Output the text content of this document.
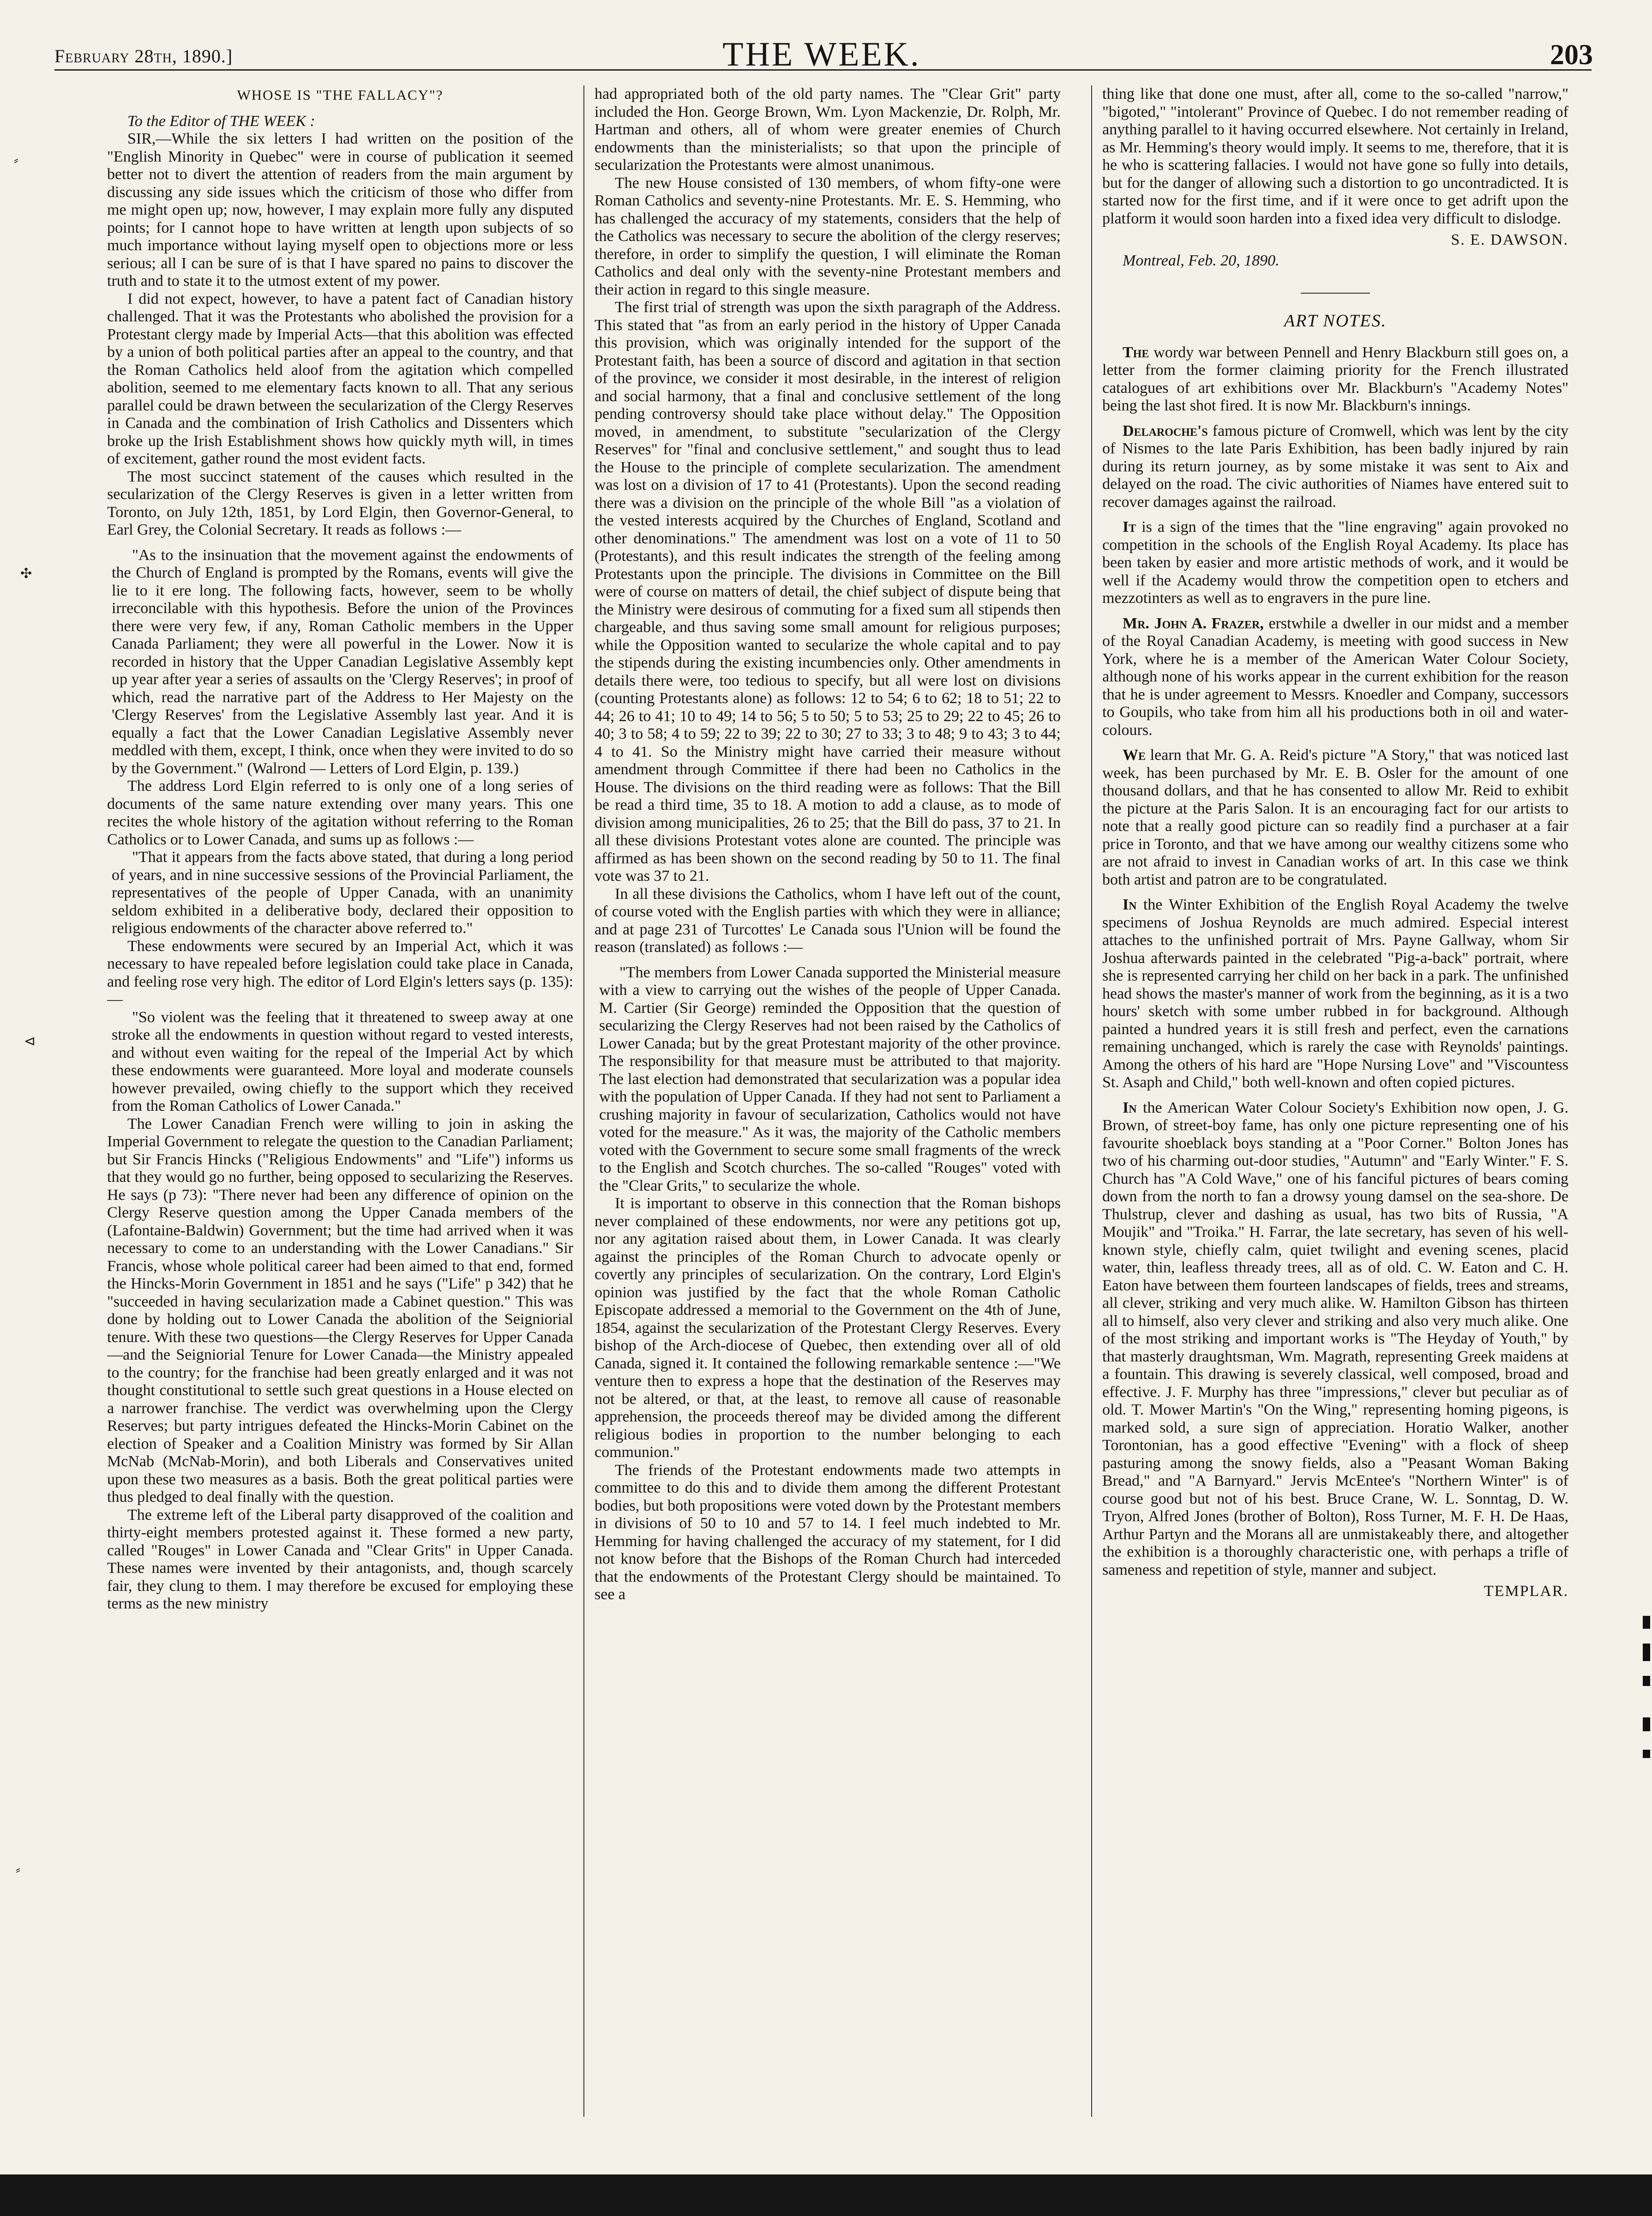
February 28th, 1890.]	THE WEEK.	203
⸗
✣
⊲
⸗
WHOSE IS "THE FALLACY"?

To the Editor of THE WEEK :

SIR,—While the six letters I had written on the position of the "English Minority in Quebec" were in course of publication it seemed better not to divert the attention of readers from the main argument by discussing any side issues which the criticism of those who differ from me might open up; now, however, I may explain more fully any disputed points; for I cannot hope to have written at length upon subjects of so much importance without laying myself open to objections more or less serious; all I can be sure of is that I have spared no pains to discover the truth and to state it to the utmost extent of my power.

I did not expect, however, to have a patent fact of Canadian history challenged. That it was the Protestants who abolished the provision for a Protestant clergy made by Imperial Acts—that this abolition was effected by a union of both political parties after an appeal to the country, and that the Roman Catholics held aloof from the agitation which compelled abolition, seemed to me elementary facts known to all. That any serious parallel could be drawn between the secularization of the Clergy Reserves in Canada and the combination of Irish Catholics and Dissenters which broke up the Irish Establishment shows how quickly myth will, in times of excitement, gather round the most evident facts.

The most succinct statement of the causes which resulted in the secularization of the Clergy Reserves is given in a letter written from Toronto, on July 12th, 1851, by Lord Elgin, then Governor-General, to Earl Grey, the Colonial Secretary. It reads as follows :—

"As to the insinuation that the movement against the endowments of the Church of England is prompted by the Romans, events will give the lie to it ere long. The following facts, however, seem to be wholly irreconcilable with this hypothesis. Before the union of the Provinces there were very few, if any, Roman Catholic members in the Upper Canada Parliament; they were all powerful in the Lower. Now it is recorded in history that the Upper Canadian Legislative Assembly kept up year after year a series of assaults on the 'Clergy Reserves'; in proof of which, read the narrative part of the Address to Her Majesty on the 'Clergy Reserves' from the Legislative Assembly last year. And it is equally a fact that the Lower Canadian Legislative Assembly never meddled with them, except, I think, once when they were invited to do so by the Government." (Walrond — Letters of Lord Elgin, p. 139.)

The address Lord Elgin referred to is only one of a long series of documents of the same nature extending over many years. This one recites the whole history of the agitation without referring to the Roman Catholics or to Lower Canada, and sums up as follows :—

"That it appears from the facts above stated, that during a long period of years, and in nine successive sessions of the Provincial Parliament, the representatives of the people of Upper Canada, with an unanimity seldom exhibited in a deliberative body, declared their opposition to religious endowments of the character above referred to."

These endowments were secured by an Imperial Act, which it was necessary to have repealed before legislation could take place in Canada, and feeling rose very high. The editor of Lord Elgin's letters says (p. 135): —

"So violent was the feeling that it threatened to sweep away at one stroke all the endowments in question without regard to vested interests, and without even waiting for the repeal of the Imperial Act by which these endowments were guaranteed. More loyal and moderate counsels however prevailed, owing chiefly to the support which they received from the Roman Catholics of Lower Canada."

The Lower Canadian French were willing to join in asking the Imperial Government to relegate the question to the Canadian Parliament; but Sir Francis Hincks ("Religious Endowments" and "Life") informs us that they would go no further, being opposed to secularizing the Reserves. He says (p 73): "There never had been any difference of opinion on the Clergy Reserve question among the Upper Canada members of the (Lafontaine-Baldwin) Government; but the time had arrived when it was necessary to come to an understanding with the Lower Canadians." Sir Francis, whose whole political career had been aimed to that end, formed the Hincks-Morin Government in 1851 and he says ("Life" p 342) that he "succeeded in having secularization made a Cabinet question." This was done by holding out to Lower Canada the abolition of the Seigniorial tenure. With these two questions—the Clergy Reserves for Upper Canada—and the Seigniorial Tenure for Lower Canada—the Ministry appealed to the country; for the franchise had been greatly enlarged and it was not thought constitutional to settle such great questions in a House elected on a narrower franchise. The verdict was overwhelming upon the Clergy Reserves; but party intrigues defeated the Hincks-Morin Cabinet on the election of Speaker and a Coalition Ministry was formed by Sir Allan McNab (McNab-Morin), and both Liberals and Conservatives united upon these two measures as a basis. Both the great political parties were thus pledged to deal finally with the question.

The extreme left of the Liberal party disapproved of the coalition and thirty-eight members protested against it. These formed a new party, called "Rouges" in Lower Canada and "Clear Grits" in Upper Canada. These names were invented by their antagonists, and, though scarcely fair, they clung to them. I may therefore be excused for employing these terms as the new ministry

had appropriated both of the old party names. The "Clear Grit" party included the Hon. George Brown, Wm. Lyon Mackenzie, Dr. Rolph, Mr. Hartman and others, all of whom were greater enemies of Church endowments than the ministerialists; so that upon the principle of secularization the Protestants were almost unanimous.

The new House consisted of 130 members, of whom fifty-one were Roman Catholics and seventy-nine Protestants. Mr. E. S. Hemming, who has challenged the accuracy of my statements, considers that the help of the Catholics was necessary to secure the abolition of the clergy reserves; therefore, in order to simplify the question, I will eliminate the Roman Catholics and deal only with the seventy-nine Protestant members and their action in regard to this single measure.

The first trial of strength was upon the sixth paragraph of the Address. This stated that "as from an early period in the history of Upper Canada this provision, which was originally intended for the support of the Protestant faith, has been a source of discord and agitation in that section of the province, we consider it most desirable, in the interest of religion and social harmony, that a final and conclusive settlement of the long pending controversy should take place without delay." The Opposition moved, in amendment, to substitute "secularization of the Clergy Reserves" for "final and conclusive settlement," and sought thus to lead the House to the principle of complete secularization. The amendment was lost on a division of 17 to 41 (Protestants). Upon the second reading there was a division on the principle of the whole Bill "as a violation of the vested interests acquired by the Churches of England, Scotland and other denominations." The amendment was lost on a vote of 11 to 50 (Protestants), and this result indicates the strength of the feeling among Protestants upon the principle. The divisions in Committee on the Bill were of course on matters of detail, the chief subject of dispute being that the Ministry were desirous of commuting for a fixed sum all stipends then chargeable, and thus saving some small amount for religious purposes; while the Opposition wanted to secularize the whole capital and to pay the stipends during the existing incumbencies only. Other amendments in details there were, too tedious to specify, but all were lost on divisions (counting Protestants alone) as follows: 12 to 54; 6 to 62; 18 to 51; 22 to 44; 26 to 41; 10 to 49; 14 to 56; 5 to 50; 5 to 53; 25 to 29; 22 to 45; 26 to 40; 3 to 58; 4 to 59; 22 to 39; 22 to 30; 27 to 33; 3 to 48; 9 to 43; 3 to 44; 4 to 41. So the Ministry might have carried their measure without amendment through Committee if there had been no Catholics in the House. The divisions on the third reading were as follows: That the Bill be read a third time, 35 to 18. A motion to add a clause, as to mode of division among municipalities, 26 to 25; that the Bill do pass, 37 to 21. In all these divisions Protestant votes alone are counted. The principle was affirmed as has been shown on the second reading by 50 to 11. The final vote was 37 to 21.

In all these divisions the Catholics, whom I have left out of the count, of course voted with the English parties with which they were in alliance; and at page 231 of Turcottes' Le Canada sous l'Union will be found the reason (translated) as follows :—

"The members from Lower Canada supported the Ministerial measure with a view to carrying out the wishes of the people of Upper Canada. M. Cartier (Sir George) reminded the Opposition that the question of secularizing the Clergy Reserves had not been raised by the Catholics of Lower Canada; but by the great Protestant majority of the other province. The responsibility for that measure must be attributed to that majority. The last election had demonstrated that secularization was a popular idea with the population of Upper Canada. If they had not sent to Parliament a crushing majority in favour of secularization, Catholics would not have voted for the measure." As it was, the majority of the Catholic members voted with the Government to secure some small fragments of the wreck to the English and Scotch churches. The so-called "Rouges" voted with the "Clear Grits," to secularize the whole.

It is important to observe in this connection that the Roman bishops never complained of these endowments, nor were any petitions got up, nor any agitation raised about them, in Lower Canada. It was clearly against the principles of the Roman Church to advocate openly or covertly any principles of secularization. On the contrary, Lord Elgin's opinion was justified by the fact that the whole Roman Catholic Episcopate addressed a memorial to the Government on the 4th of June, 1854, against the secularization of the Protestant Clergy Reserves. Every bishop of the Arch-diocese of Quebec, then extending over all of old Canada, signed it. It contained the following remarkable sentence :—"We venture then to express a hope that the destination of the Reserves may not be altered, or that, at the least, to remove all cause of reasonable apprehension, the proceeds thereof may be divided among the different religious bodies in proportion to the number belonging to each communion."

The friends of the Protestant endowments made two attempts in committee to do this and to divide them among the different Protestant bodies, but both propositions were voted down by the Protestant members in divisions of 50 to 10 and 57 to 14. I feel much indebted to Mr. Hemming for having challenged the accuracy of my statement, for I did not know before that the Bishops of the Roman Church had interceded that the endowments of the Protestant Clergy should be maintained. To see a

thing like that done one must, after all, come to the so-called "narrow," "bigoted," "intolerant" Province of Quebec. I do not remember reading of anything parallel to it having occurred elsewhere. Not certainly in Ireland, as Mr. Hemming's theory would imply. It seems to me, therefore, that it is he who is scattering fallacies. I would not have gone so fully into details, but for the danger of allowing such a distortion to go uncontradicted. It is started now for the first time, and if it were once to get adrift upon the platform it would soon harden into a fixed idea very difficult to dislodge.

S. E. DAWSON.

Montreal, Feb. 20, 1890.

ART NOTES.

The wordy war between Pennell and Henry Blackburn still goes on, a letter from the former claiming priority for the French illustrated catalogues of art exhibitions over Mr. Blackburn's "Academy Notes" being the last shot fired. It is now Mr. Blackburn's innings.

Delaroche's famous picture of Cromwell, which was lent by the city of Nismes to the late Paris Exhibition, has been badly injured by rain during its return journey, as by some mistake it was sent to Aix and delayed on the road. The civic authorities of Niames have entered suit to recover damages against the railroad.

It is a sign of the times that the "line engraving" again provoked no competition in the schools of the English Royal Academy. Its place has been taken by easier and more artistic methods of work, and it would be well if the Academy would throw the competition open to etchers and mezzotinters as well as to engravers in the pure line.

Mr. John A. Frazer, erstwhile a dweller in our midst and a member of the Royal Canadian Academy, is meeting with good success in New York, where he is a member of the American Water Colour Society, although none of his works appear in the current exhibition for the reason that he is under agreement to Messrs. Knoedler and Company, successors to Goupils, who take from him all his productions both in oil and water-colours.

We learn that Mr. G. A. Reid's picture "A Story," that was noticed last week, has been purchased by Mr. E. B. Osler for the amount of one thousand dollars, and that he has consented to allow Mr. Reid to exhibit the picture at the Paris Salon. It is an encouraging fact for our artists to note that a really good picture can so readily find a purchaser at a fair price in Toronto, and that we have among our wealthy citizens some who are not afraid to invest in Canadian works of art. In this case we think both artist and patron are to be congratulated.

In the Winter Exhibition of the English Royal Academy the twelve specimens of Joshua Reynolds are much admired. Especial interest attaches to the unfinished portrait of Mrs. Payne Gallway, whom Sir Joshua afterwards painted in the celebrated "Pig-a-back" portrait, where she is represented carrying her child on her back in a park. The unfinished head shows the master's manner of work from the beginning, as it is a two hours' sketch with some umber rubbed in for background. Although painted a hundred years it is still fresh and perfect, even the carnations remaining unchanged, which is rarely the case with Reynolds' paintings. Among the others of his hard are "Hope Nursing Love" and "Viscountess St. Asaph and Child," both well-known and often copied pictures.

In the American Water Colour Society's Exhibition now open, J. G. Brown, of street-boy fame, has only one picture representing one of his favourite shoeblack boys standing at a "Poor Corner." Bolton Jones has two of his charming out-door studies, "Autumn" and "Early Winter." F. S. Church has "A Cold Wave," one of his fanciful pictures of bears coming down from the north to fan a drowsy young damsel on the sea-shore. De Thulstrup, clever and dashing as usual, has two bits of Russia, "A Moujik" and "Troika." H. Farrar, the late secretary, has seven of his well-known style, chiefly calm, quiet twilight and evening scenes, placid water, thin, leafless thready trees, all as of old. C. W. Eaton and C. H. Eaton have between them fourteen landscapes of fields, trees and streams, all clever, striking and very much alike. W. Hamilton Gibson has thirteen all to himself, also very clever and striking and also very much alike. One of the most striking and important works is "The Heyday of Youth," by that masterly draughtsman, Wm. Magrath, representing Greek maidens at a fountain. This drawing is severely classical, well composed, broad and effective. J. F. Murphy has three "impressions," clever but peculiar as of old. T. Mower Martin's "On the Wing," representing homing pigeons, is marked sold, a sure sign of appreciation. Horatio Walker, another Torontonian, has a good effective "Evening" with a flock of sheep pasturing among the snowy fields, also a "Peasant Woman Baking Bread," and "A Barnyard." Jervis McEntee's "Northern Winter" is of course good but not of his best. Bruce Crane, W. L. Sonntag, D. W. Tryon, Alfred Jones (brother of Bolton), Ross Turner, M. F. H. De Haas, Arthur Partyn and the Morans all are unmistakeably there, and altogether the exhibition is a thoroughly characteristic one, with perhaps a trifle of sameness and repetition of style, manner and subject.

TEMPLAR.
